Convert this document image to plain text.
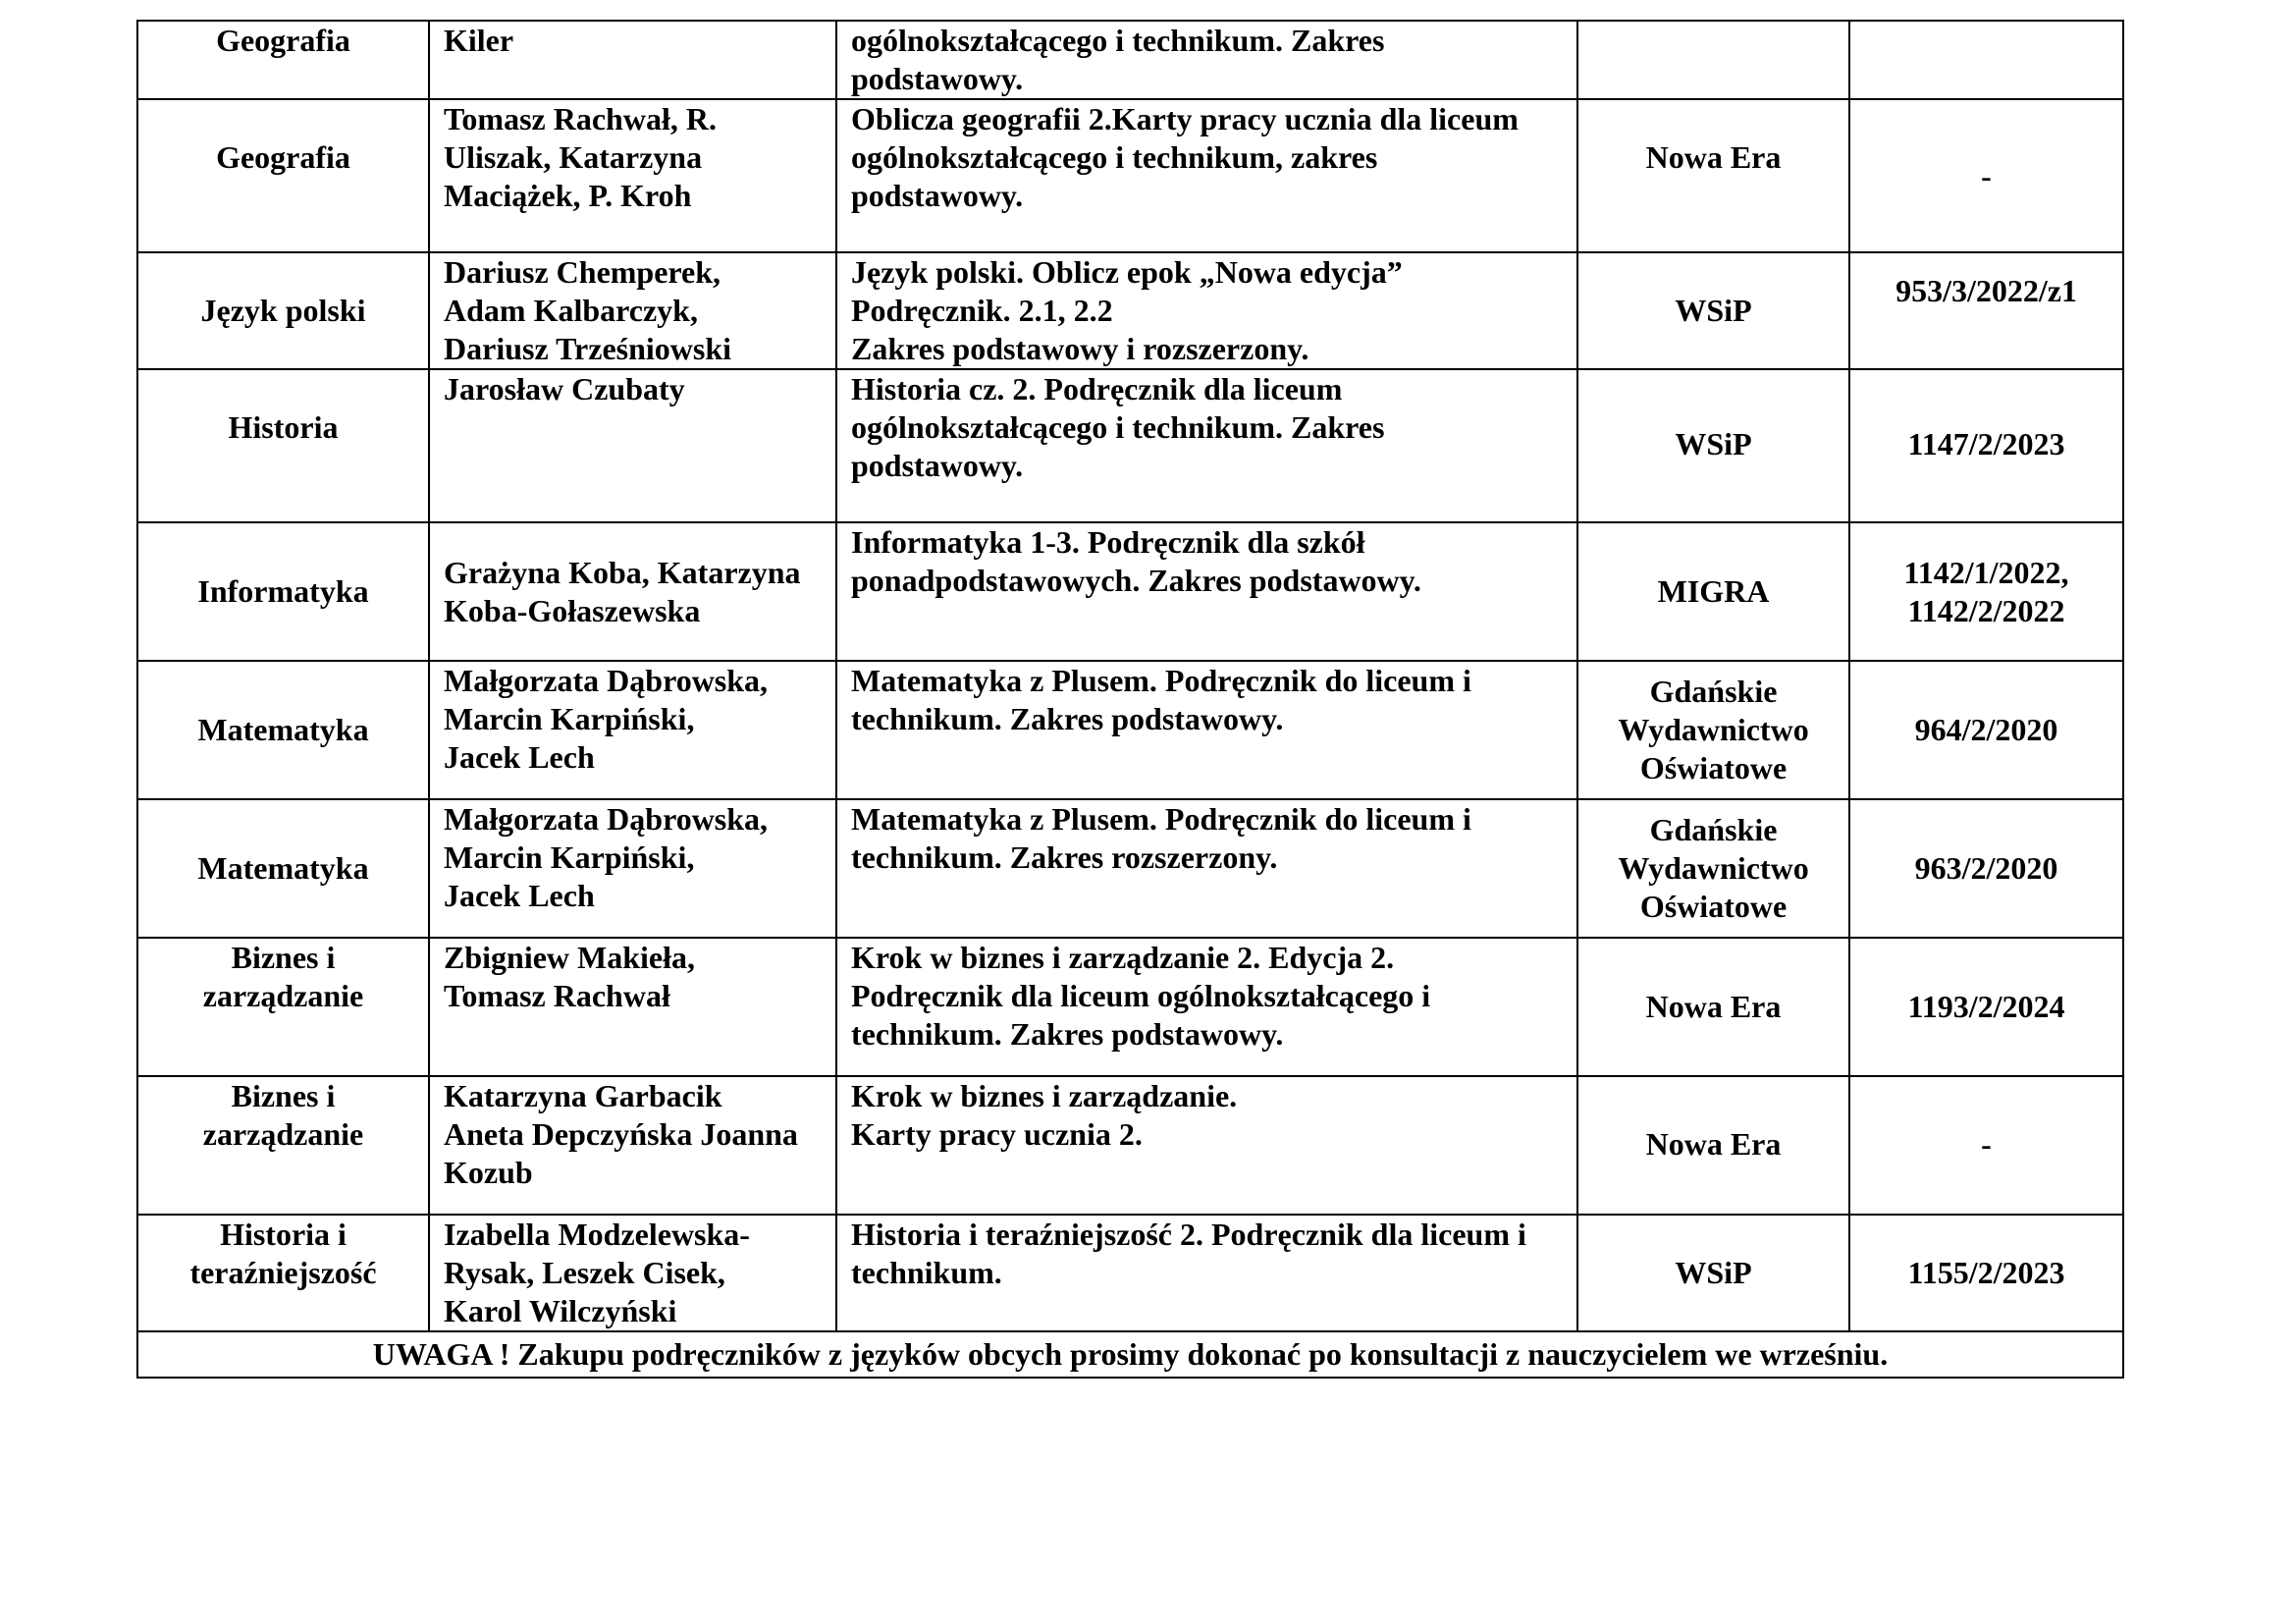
Geografia	Kiler	ogólnokształcącego i technikum. Zakres
podstawowy.		
Geografia	Tomasz Rachwał, R.
Uliszak, Katarzyna
Maciążek, P. Kroh	Oblicza geografii 2.Karty pracy ucznia dla liceum
ogólnokształcącego i technikum, zakres
podstawowy.	Nowa Era	-
Język polski	Dariusz Chemperek,
Adam Kalbarczyk,
Dariusz Trześniowski	Język polski. Oblicz epok „Nowa edycja”
Podręcznik. 2.1, 2.2
Zakres podstawowy i rozszerzony.	WSiP	953/3/2022/z1
Historia	Jarosław Czubaty	Historia cz. 2. Podręcznik dla liceum
ogólnokształcącego i technikum. Zakres
podstawowy.	WSiP	1147/2/2023
Informatyka	Grażyna Koba, Katarzyna
Koba-Gołaszewska	Informatyka 1-3. Podręcznik dla szkół
ponadpodstawowych. Zakres podstawowy.	MIGRA	1142/1/2022,
1142/2/2022
Matematyka	Małgorzata Dąbrowska,
Marcin Karpiński,
Jacek Lech	Matematyka z Plusem. Podręcznik do liceum i
technikum. Zakres podstawowy.	Gdańskie
Wydawnictwo
Oświatowe	964/2/2020
Matematyka	Małgorzata Dąbrowska,
Marcin Karpiński,
Jacek Lech	Matematyka z Plusem. Podręcznik do liceum i
technikum. Zakres rozszerzony.	Gdańskie
Wydawnictwo
Oświatowe	963/2/2020
Biznes i
zarządzanie	Zbigniew Makieła,
Tomasz Rachwał	Krok w biznes i zarządzanie 2. Edycja 2.
Podręcznik dla liceum ogólnokształcącego i
technikum. Zakres podstawowy.	Nowa Era	1193/2/2024
Biznes i
zarządzanie	Katarzyna Garbacik
Aneta Depczyńska Joanna
Kozub	Krok w biznes i zarządzanie.
Karty pracy ucznia 2.	Nowa Era	-
Historia i
teraźniejszość	Izabella Modzelewska-
Rysak, Leszek Cisek,
Karol Wilczyński	Historia i teraźniejszość 2. Podręcznik dla liceum i
technikum.	WSiP	1155/2/2023
UWAGA ! Zakupu podręczników z języków obcych prosimy dokonać po konsultacji z nauczycielem we wrześniu.				
